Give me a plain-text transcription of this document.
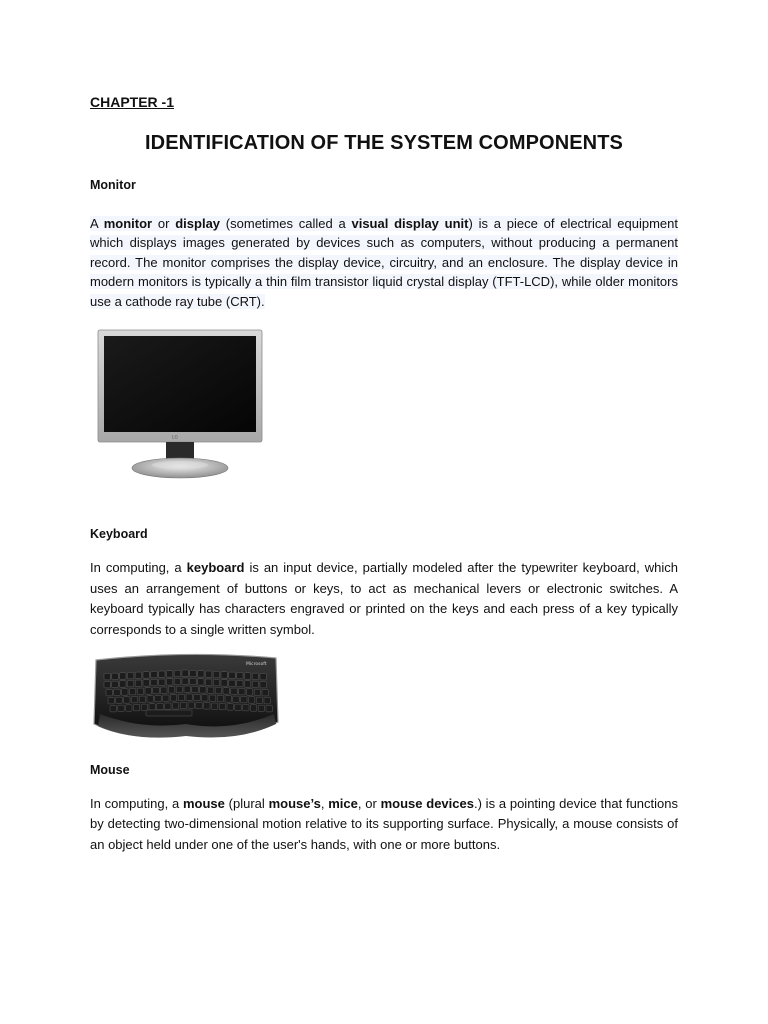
CHAPTER -1
IDENTIFICATION OF THE SYSTEM COMPONENTS
Monitor

A monitor or display (sometimes called a visual display unit) is a piece of electrical equipment which displays images generated by devices such as computers, without producing a permanent record. The monitor comprises the display device, circuitry, and an enclosure. The display device in modern monitors is typically a thin film transistor liquid crystal display (TFT-LCD), while older monitors use a cathode ray tube (CRT).

LG
Keyboard

In computing, a keyboard is an input device, partially modeled after the typewriter keyboard, which uses an arrangement of buttons or keys, to act as mechanical levers or electronic switches. A keyboard typically has characters engraved or printed on the keys and each press of a key typically corresponds to a single written symbol.

Microsoft
Mouse

In computing, a mouse (plural mouse’s, mice, or mouse devices.) is a pointing device that functions by detecting two-dimensional motion relative to its supporting surface. Physically, a mouse consists of an object held under one of the user's hands, with one or more buttons.
